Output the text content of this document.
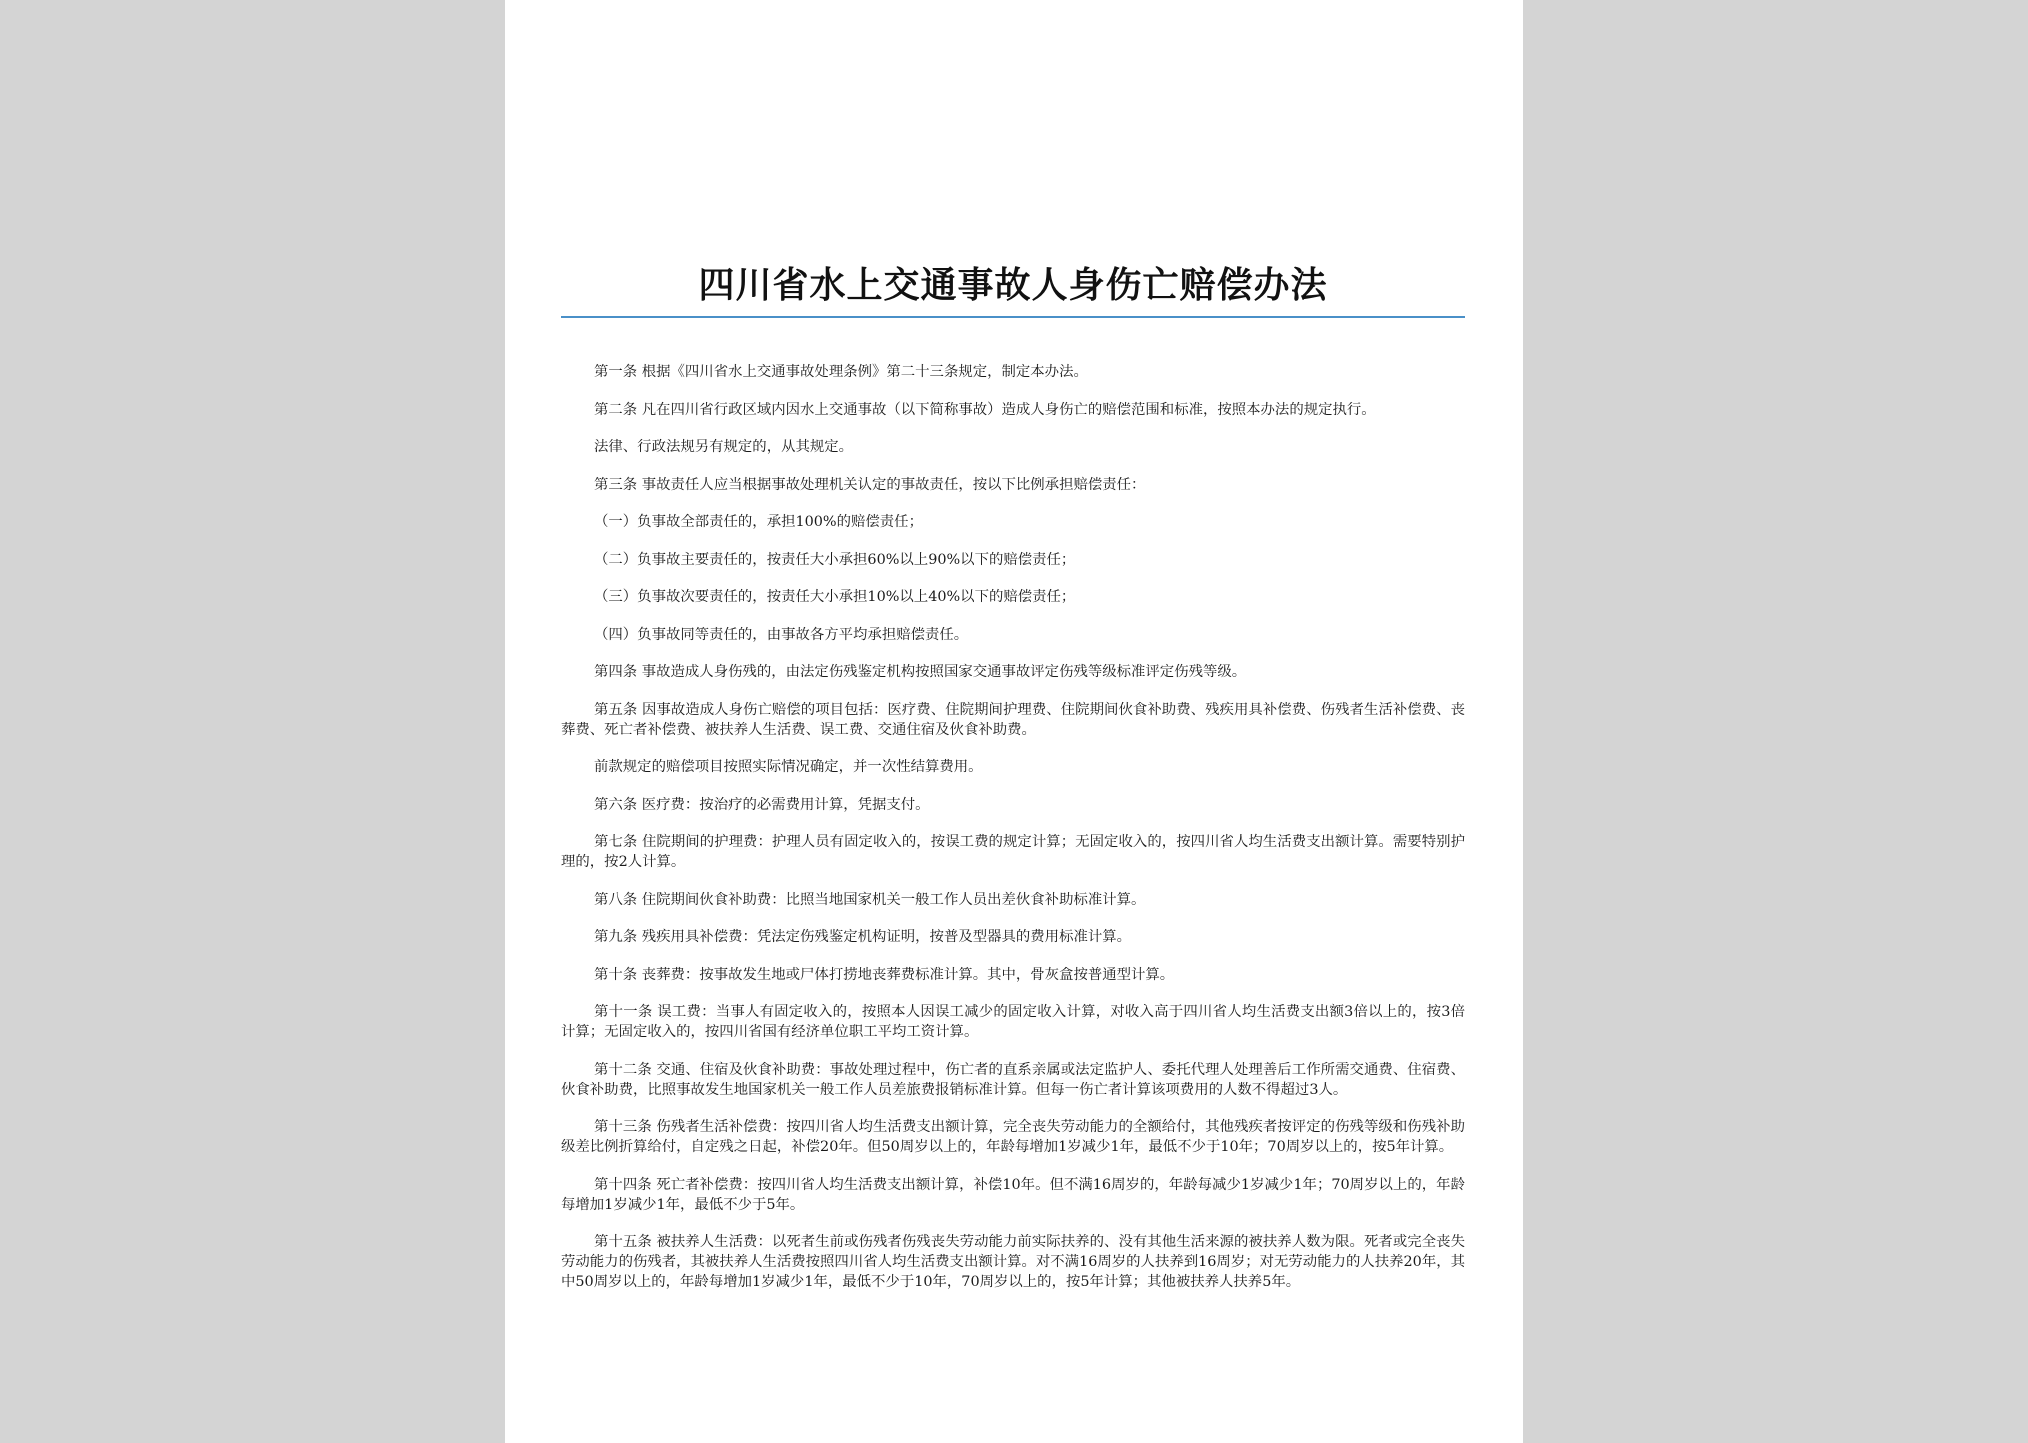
四川省水上交通事故人身伤亡赔偿办法

第一条 根据《四川省水上交通事故处理条例》第二十三条规定，制定本办法。

第二条 凡在四川省行政区域内因水上交通事故（以下简称事故）造成人身伤亡的赔偿范围和标准，按照本办法的规定执行。

法律、行政法规另有规定的，从其规定。

第三条 事故责任人应当根据事故处理机关认定的事故责任，按以下比例承担赔偿责任：

（一）负事故全部责任的，承担100%的赔偿责任；

（二）负事故主要责任的，按责任大小承担60%以上90%以下的赔偿责任；

（三）负事故次要责任的，按责任大小承担10%以上40%以下的赔偿责任；

（四）负事故同等责任的，由事故各方平均承担赔偿责任。

第四条 事故造成人身伤残的，由法定伤残鉴定机构按照国家交通事故评定伤残等级标准评定伤残等级。

第五条 因事故造成人身伤亡赔偿的项目包括：医疗费、住院期间护理费、住院期间伙食补助费、残疾用具补偿费、伤残者生活补偿费、丧葬费、死亡者补偿费、被扶养人生活费、误工费、交通住宿及伙食补助费。

前款规定的赔偿项目按照实际情况确定，并一次性结算费用。

第六条 医疗费：按治疗的必需费用计算，凭据支付。

第七条 住院期间的护理费：护理人员有固定收入的，按误工费的规定计算；无固定收入的，按四川省人均生活费支出额计算。需要特别护理的，按2人计算。

第八条 住院期间伙食补助费：比照当地国家机关一般工作人员出差伙食补助标准计算。

第九条 残疾用具补偿费：凭法定伤残鉴定机构证明，按普及型器具的费用标准计算。

第十条 丧葬费：按事故发生地或尸体打捞地丧葬费标准计算。其中，骨灰盒按普通型计算。

第十一条 误工费：当事人有固定收入的，按照本人因误工减少的固定收入计算，对收入高于四川省人均生活费支出额3倍以上的，按3倍计算；无固定收入的，按四川省国有经济单位职工平均工资计算。

第十二条 交通、住宿及伙食补助费：事故处理过程中，伤亡者的直系亲属或法定监护人、委托代理人处理善后工作所需交通费、住宿费、伙食补助费，比照事故发生地国家机关一般工作人员差旅费报销标准计算。但每一伤亡者计算该项费用的人数不得超过3人。

第十三条 伤残者生活补偿费：按四川省人均生活费支出额计算，完全丧失劳动能力的全额给付，其他残疾者按评定的伤残等级和伤残补助级差比例折算给付，自定残之日起，补偿20年。但50周岁以上的，年龄每增加1岁减少1年，最低不少于10年；70周岁以上的，按5年计算。

第十四条 死亡者补偿费：按四川省人均生活费支出额计算，补偿10年。但不满16周岁的，年龄每减少1岁减少1年；70周岁以上的，年龄每增加1岁减少1年，最低不少于5年。

第十五条 被扶养人生活费：以死者生前或伤残者伤残丧失劳动能力前实际扶养的、没有其他生活来源的被扶养人数为限。死者或完全丧失劳动能力的伤残者，其被扶养人生活费按照四川省人均生活费支出额计算。对不满16周岁的人扶养到16周岁；对无劳动能力的人扶养20年，其中50周岁以上的，年龄每增加1岁减少1年，最低不少于10年，70周岁以上的，按5年计算；其他被扶养人扶养5年。
